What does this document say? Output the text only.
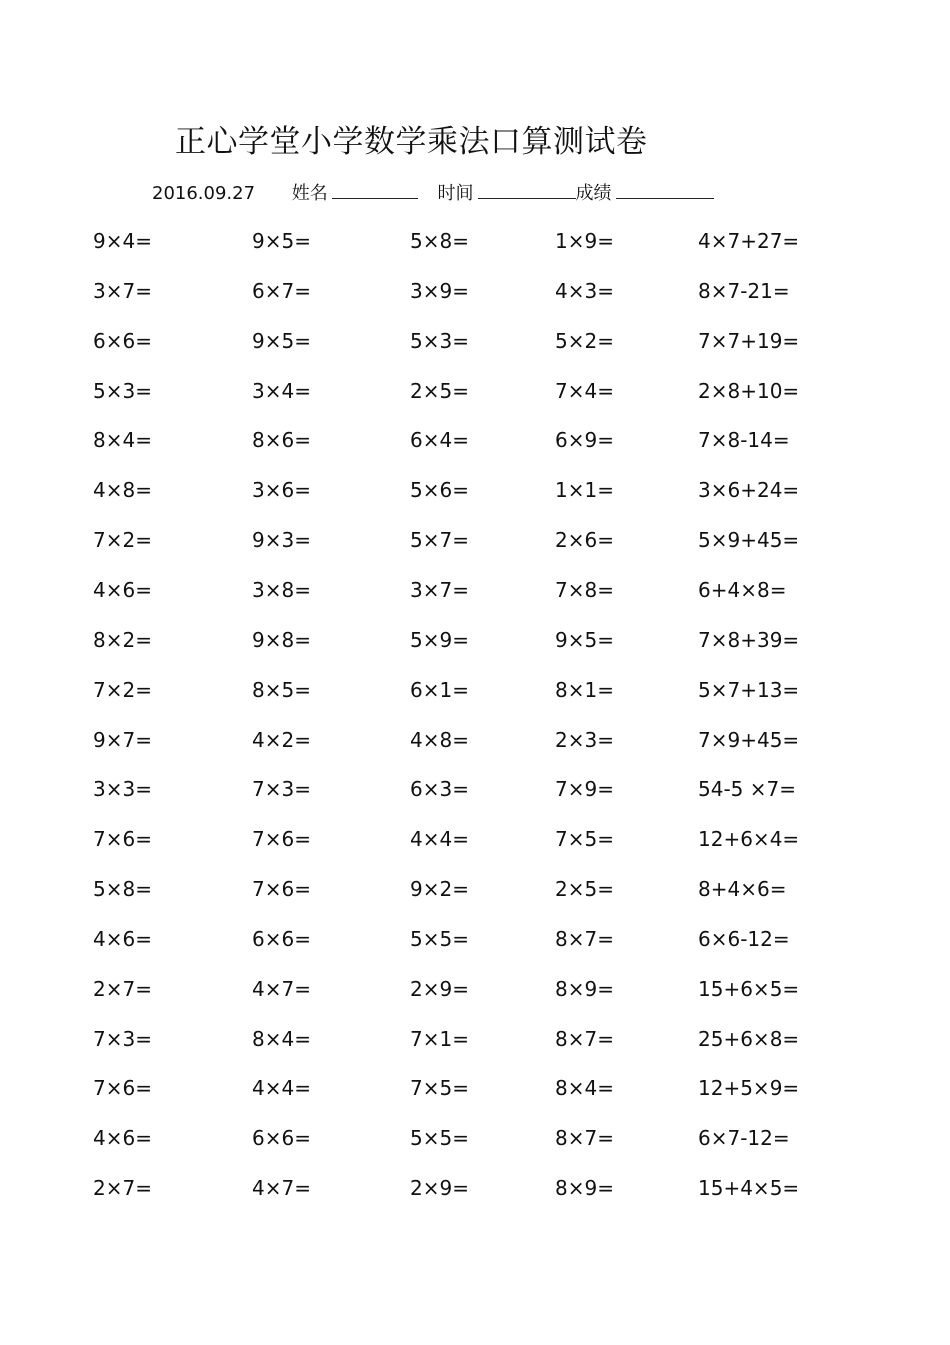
正心学堂小学数学乘法口算测试卷
2016.09.27 姓名	时间	成绩
9×4=	9×5=	5×8=	1×9=	4×7+27=
3×7=	6×7=	3×9=	4×3=	8×7-21=
6×6=	9×5=	5×3=	5×2=	7×7+19=
5×3=	3×4=	2×5=	7×4=	2×8+10=
8×4=	8×6=	6×4=	6×9=	7×8-14=
4×8=	3×6=	5×6=	1×1=	3×6+24=
7×2=	9×3=	5×7=	2×6=	5×9+45=
4×6=	3×8=	3×7=	7×8=	6+4×8=
8×2=	9×8=	5×9=	9×5=	7×8+39=
7×2=	8×5=	6×1=	8×1=	5×7+13=
9×7=	4×2=	4×8=	2×3=	7×9+45=
3×3=	7×3=	6×3=	7×9=	54-5 ×7=
7×6=	7×6=	4×4=	7×5=	12+6×4=
5×8=	7×6=	9×2=	2×5=	8+4×6=
4×6=	6×6=	5×5=	8×7=	6×6-12=
2×7=	4×7=	2×9=	8×9=	15+6×5=
7×3=	8×4=	7×1=	8×7=	25+6×8=
7×6=	4×4=	7×5=	8×4=	12+5×9=
4×6=	6×6=	5×5=	8×7=	6×7-12=
2×7=	4×7=	2×9=	8×9=	15+4×5=
